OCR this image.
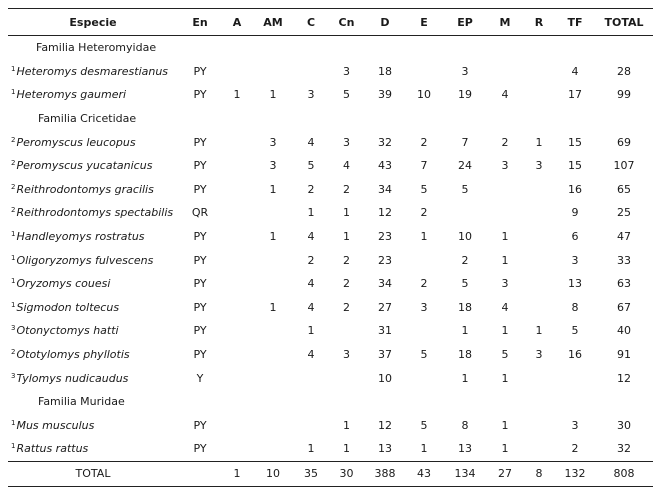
Especie	En	A	AM	C	Cn	D	E	EP	M	R	TF	TOTAL
Familia Heteromyidae												
$^1$Heteromys desmarestianus	PY				3	18		3			4	28
$^1$Heteromys gaumeri	PY	1	1	3	5	39	10	19	4		17	99
Familia Cricetidae												
$^2$Peromyscus leucopus	PY		3	4	3	32	2	7	2	1	15	69
$^2$Peromyscus yucatanicus	PY		3	5	4	43	7	24	3	3	15	107
$^2$Reithrodontomys gracilis	PY		1	2	2	34	5	5			16	65
$^2$Reithrodontomys spectabilis	QR			1	1	12	2				9	25
$^1$Handleyomys rostratus	PY		1	4	1	23	1	10	1		6	47
$^1$Oligoryzomys fulvescens	PY			2	2	23		2	1		3	33
$^1$Oryzomys couesi	PY			4	2	34	2	5	3		13	63
$^1$Sigmodon toltecus	PY		1	4	2	27	3	18	4		8	67
$^3$Otonyctomys hatti	PY			1		31		1	1	1	5	40
$^2$Ototylomys phyllotis	PY			4	3	37	5	18	5	3	16	91
$^3$Tylomys nudicaudus	Y					10		1	1			12
Familia Muridae												
$^1$Mus musculus	PY				1	12	5	8	1		3	30
$^1$Rattus rattus	PY			1	1	13	1	13	1		2	32
TOTAL		1	10	35	30	388	43	134	27	8	132	808
